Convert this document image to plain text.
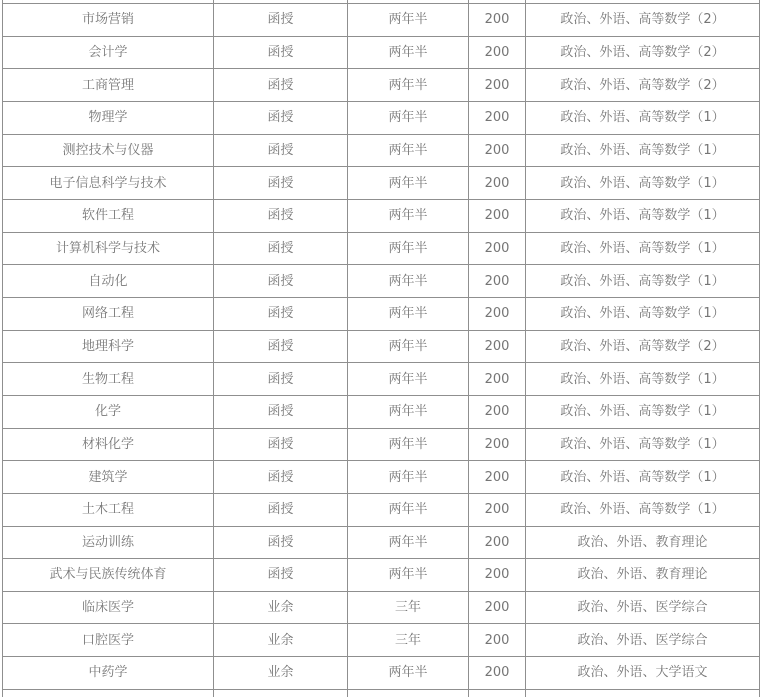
市场营销	函授	两年半	200	政治、外语、高等数学（2）
会计学	函授	两年半	200	政治、外语、高等数学（2）
工商管理	函授	两年半	200	政治、外语、高等数学（2）
物理学	函授	两年半	200	政治、外语、高等数学（1）
测控技术与仪器	函授	两年半	200	政治、外语、高等数学（1）
电子信息科学与技术	函授	两年半	200	政治、外语、高等数学（1）
软件工程	函授	两年半	200	政治、外语、高等数学（1）
计算机科学与技术	函授	两年半	200	政治、外语、高等数学（1）
自动化	函授	两年半	200	政治、外语、高等数学（1）
网络工程	函授	两年半	200	政治、外语、高等数学（1）
地理科学	函授	两年半	200	政治、外语、高等数学（2）
生物工程	函授	两年半	200	政治、外语、高等数学（1）
化学	函授	两年半	200	政治、外语、高等数学（1）
材料化学	函授	两年半	200	政治、外语、高等数学（1）
建筑学	函授	两年半	200	政治、外语、高等数学（1）
土木工程	函授	两年半	200	政治、外语、高等数学（1）
运动训练	函授	两年半	200	政治、外语、教育理论
武术与民族传统体育	函授	两年半	200	政治、外语、教育理论
临床医学	业余	三年	200	政治、外语、医学综合
口腔医学	业余	三年	200	政治、外语、医学综合
中药学	业余	两年半	200	政治、外语、大学语文
